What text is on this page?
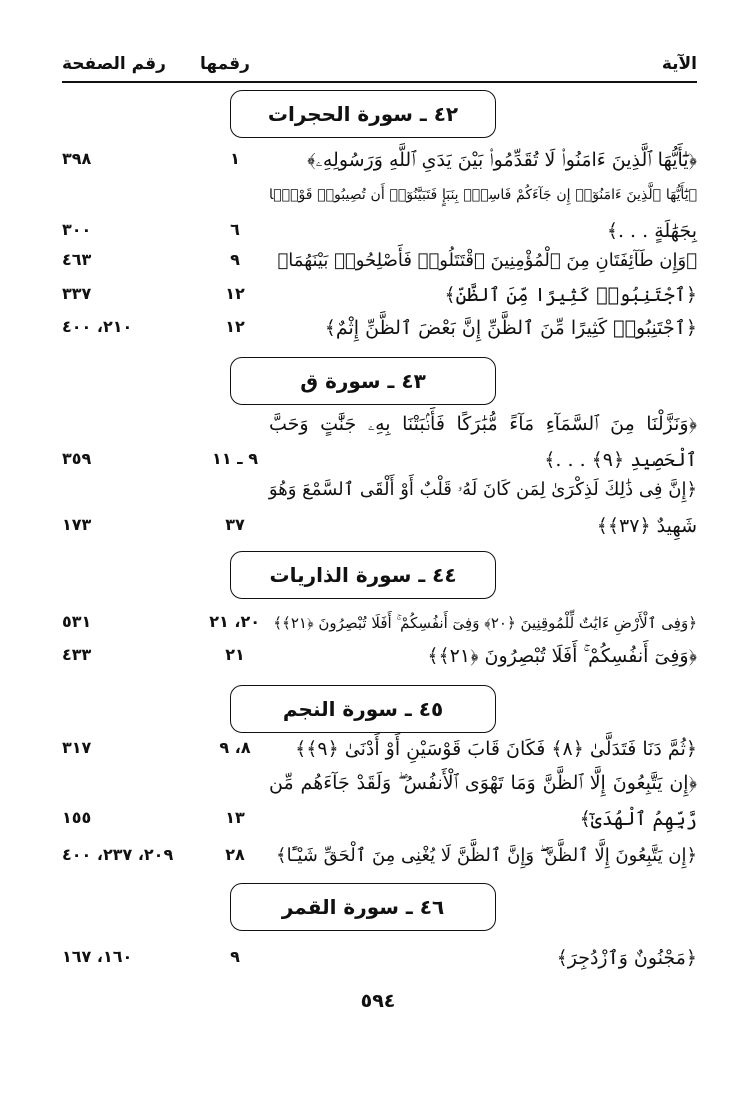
الآية
رقمها
رقم الصفحة
٤٢ ـ سورة الحجرات
﴿يَٰٓأَيُّهَا ٱلَّذِينَ ءَامَنُوا۟ لَا تُقَدِّمُوا۟ بَيْنَ يَدَىِ ٱللَّهِ وَرَسُولِهِۦ﴾
١
٣٩٨
﴿يَٰٓأَيُّهَا ٱلَّذِينَ ءَامَنُوٓا۟ إِن جَآءَكُمْ فَاسِقٌۢ بِنَبَإٍ فَتَبَيَّنُوٓا۟ أَن تُصِيبُوا۟ قَوْمًۢا
بِجَهَٰلَةٍ . . .﴾
٦
٣٠٠
﴿وَإِن طَآئِفَتَانِ مِنَ ٱلْمُؤْمِنِينَ ٱقْتَتَلُوا۟ فَأَصْلِحُوا۟ بَيْنَهُمَا﴾
٩
٤٦٣
﴿ٱجْتَنِبُوا۟ كَثِيرًا مِّنَ ٱلظَّنِّ﴾
١٢
٣٣٧
﴿ٱجْتَنِبُوا۟ كَثِيرًا مِّنَ ٱلظَّنِّ إِنَّ بَعْضَ ٱلظَّنِّ إِثْمٌ﴾
١٢
٢١٠، ٤٠٠
٤٣ ـ سورة ق
﴿وَنَزَّلْنَا مِنَ ٱلسَّمَآءِ مَآءً مُّبَٰرَكًا فَأَنۢبَتْنَا بِهِۦ جَنَّٰتٍ وَحَبَّ
ٱلْحَصِيدِ ﴿٩﴾ . . .﴾
٩ ـ ١١
٣٥٩
﴿إِنَّ فِى ذَٰلِكَ لَذِكْرَىٰ لِمَن كَانَ لَهُۥ قَلْبٌ أَوْ أَلْقَى ٱلسَّمْعَ وَهُوَ
شَهِيدٌ ﴿٣٧﴾﴾
٣٧
١٧٣
٤٤ ـ سورة الذاريات
﴿وَفِى ٱلْأَرْضِ ءَايَٰتٌ لِّلْمُوقِنِينَ ﴿٢٠﴾ وَفِىٓ أَنفُسِكُمْ ۚ أَفَلَا تُبْصِرُونَ ﴿٢١﴾﴾
٢٠، ٢١
٥٣١
﴿وَفِىٓ أَنفُسِكُمْ ۚ أَفَلَا تُبْصِرُونَ ﴿٢١﴾﴾
٢١
٤٣٣
٤٥ ـ سورة النجم
﴿ثُمَّ دَنَا فَتَدَلَّىٰ ﴿٨﴾ فَكَانَ قَابَ قَوْسَيْنِ أَوْ أَدْنَىٰ ﴿٩﴾﴾
٨، ٩
٣١٧
﴿إِن يَتَّبِعُونَ إِلَّا ٱلظَّنَّ وَمَا تَهْوَى ٱلْأَنفُسُ ۖ وَلَقَدْ جَآءَهُم مِّن
رَّبِّهِمُ ٱلْهُدَىٰٓ﴾
١٣
١٥٥
﴿إِن يَتَّبِعُونَ إِلَّا ٱلظَّنَّ ۖ وَإِنَّ ٱلظَّنَّ لَا يُغْنِى مِنَ ٱلْحَقِّ شَيْـًٔا﴾
٢٨
٢٠٩، ٢٣٧، ٤٠٠
٤٦ ـ سورة القمر
﴿مَجْنُونٌ وَٱزْدُجِرَ﴾
٩
١٦٠، ١٦٧
٥٩٤
